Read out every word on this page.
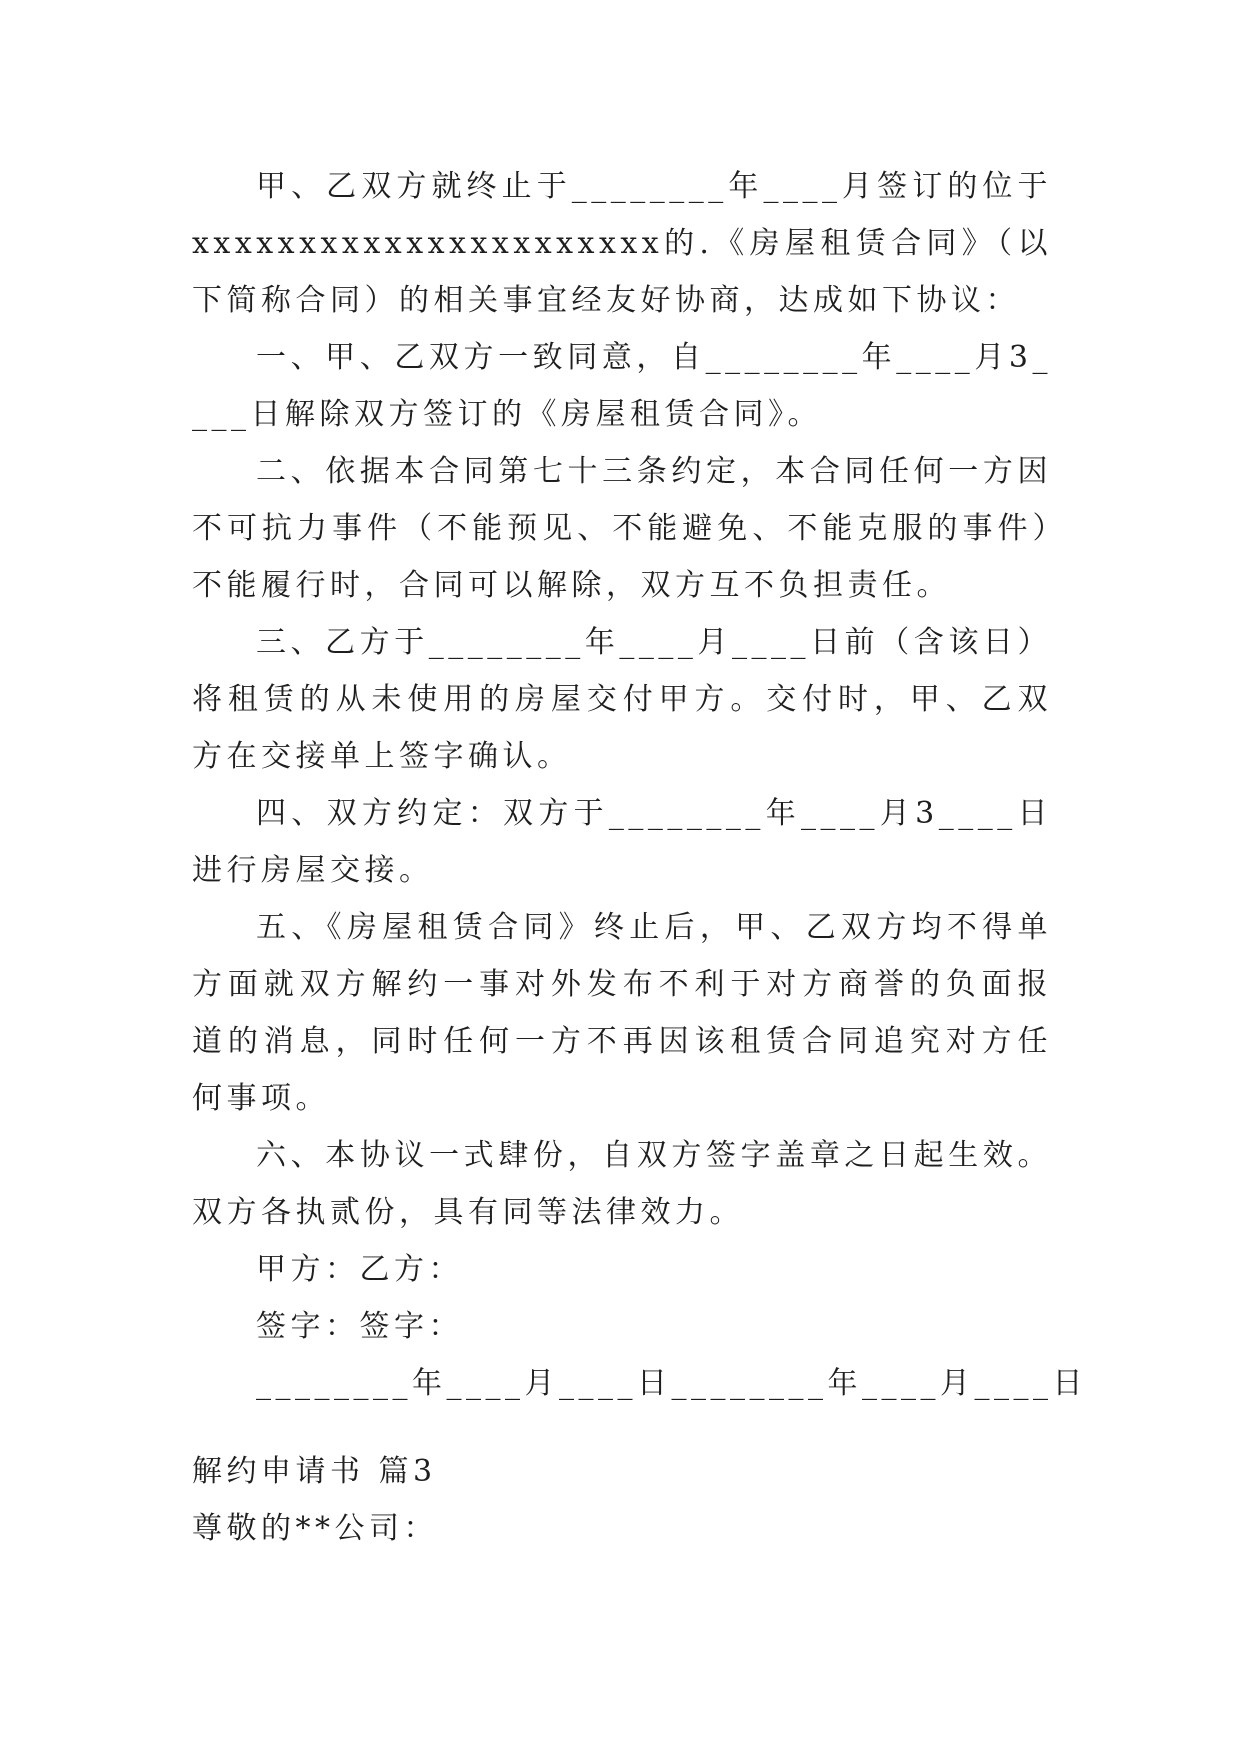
甲、乙双方就终止于________年____月签订的位于xxxxxxxxxxxxxxxxxxxxxx的.《房屋租赁合同》（以下简称合同）的相关事宜经友好协商，达成如下协议：

一、甲、乙双方一致同意，自________年____月3____日解除双方签订的《房屋租赁合同》。

二、依据本合同第七十三条约定，本合同任何一方因不可抗力事件（不能预见、不能避免、不能克服的事件）不能履行时，合同可以解除，双方互不负担责任。

三、乙方于________年____月____日前（含该日）将租赁的从未使用的房屋交付甲方。交付时，甲、乙双方在交接单上签字确认。

四、双方约定：双方于________年____月3____日进行房屋交接。

五、《房屋租赁合同》终止后，甲、乙双方均不得单方面就双方解约一事对外发布不利于对方商誉的负面报道的消息，同时任何一方不再因该租赁合同追究对方任何事项。

六、本协议一式肆份，自双方签字盖章之日起生效。双方各执贰份，具有同等法律效力。

甲方：乙方：

签字：签字：

________年____月____日________年____月____日

解约申请书 篇3

尊敬的**公司：
